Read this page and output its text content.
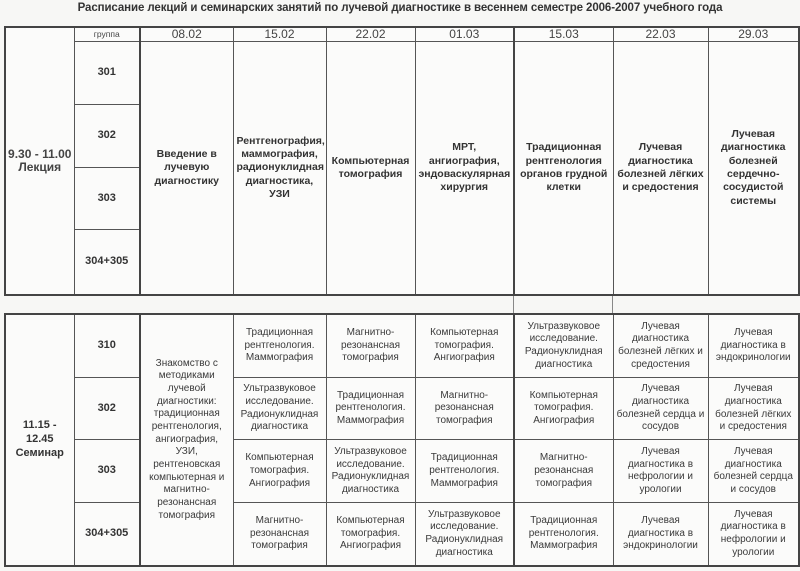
Расписание лекций и семинарских занятий по лучевой диагностике в весеннем семестре 2006-2007 учебного года
9.30 - 11.00
Лекция	группа	08.02	15.02	22.02	01.03	15.03	22.03	29.03
	301	Введение в лучевую диагностику	Рентгенография, маммография, радионуклидная диагностика, УЗИ	Компьютерная томография	МРТ, ангиография, эндоваскулярная хирургия	Традиционная рентгенология органов грудной клетки	Лучевая диагностика болезней лёгких и средостения	Лучевая диагностика болезней сердечно-сосудистой системы
	302							
	303							
	304+305							
11.15 - 12.45
Семинар	310	Знакомство с методиками лучевой диагностики: традиционная рентгенология, ангиография, УЗИ, рентгеновская компьютерная и магнитно-резонансная томография	Традиционная рентгенология. Маммография	Магнитно-резонансная томография	Компьютерная томография. Ангиография	Ультразвуковое исследование. Радионуклидная диагностика	Лучевая диагностика болезней лёгких и средостения	Лучевая диагностика в эндокринологии
	302		Ультразвуковое исследование. Радионуклидная диагностика	Традиционная рентгенология. Маммография	Магнитно-резонансная томография	Компьютерная томография. Ангиография	Лучевая диагностика болезней сердца и сосудов	Лучевая диагностика болезней лёгких и средостения
	303		Компьютерная томография. Ангиография	Ультразвуковое исследование. Радионуклидная диагностика	Традиционная рентгенология. Маммография	Магнитно-резонансная томография	Лучевая диагностика в нефрологии и урологии	Лучевая диагностика болезней сердца и сосудов
	304+305		Магнитно-резонансная томография	Компьютерная томография. Ангиография	Ультразвуковое исследование. Радионуклидная диагностика	Традиционная рентгенология. Маммография	Лучевая диагностика в эндокринологии	Лучевая диагностика в нефрологии и урологии
